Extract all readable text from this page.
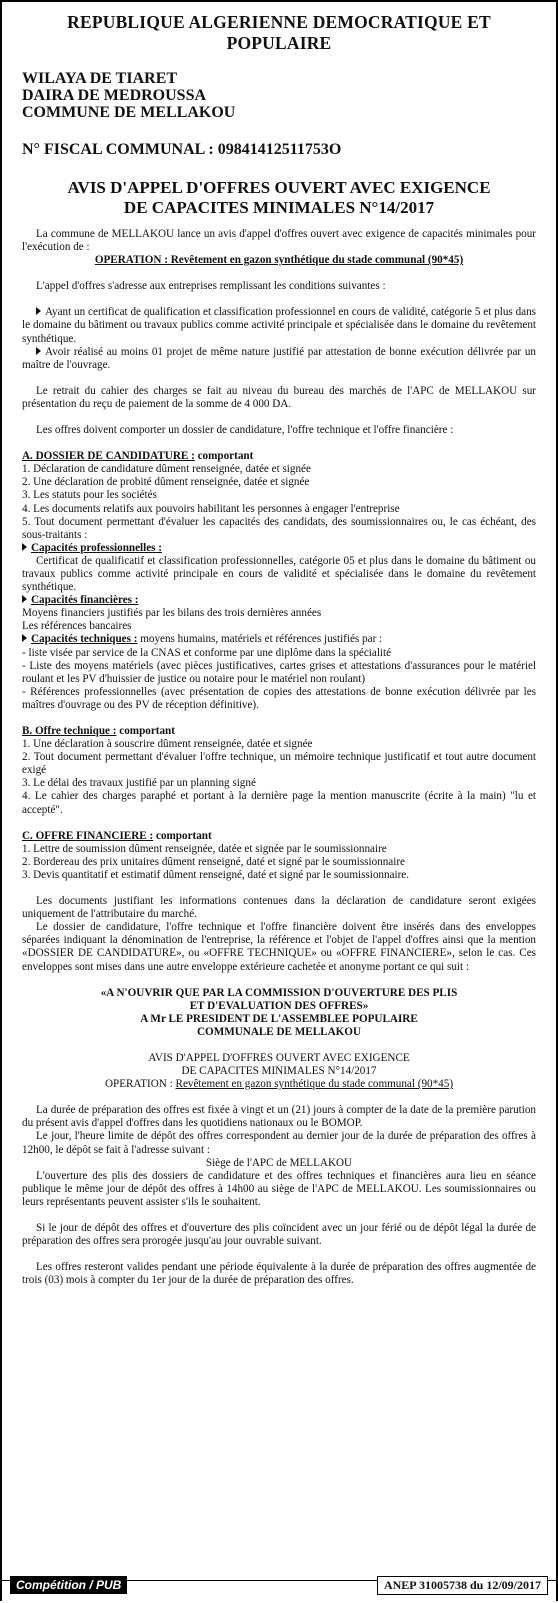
REPUBLIQUE ALGERIENNE DEMOCRATIQUE ET POPULAIRE
WILAYA DE TIARET
DAIRA DE MEDROUSSA
COMMUNE DE MELLAKOU
N° FISCAL COMMUNAL : 09841412511753O
AVIS D'APPEL D'OFFRES OUVERT AVEC EXIGENCE
DE CAPACITES MINIMALES N°14/2017

La commune de MELLAKOU lance un avis d'appel d'offres ouvert avec exigence de capacités minimales pour l'exécution de :

OPERATION : Revêtement en gazon synthétique du stade communal (90*45)

L'appel d'offres s'adresse aux entreprises remplissant les conditions suivantes :

Ayant un certificat de qualification et classification professionnel en cours de validité, catégorie 5 et plus dans le domaine du bâtiment ou travaux publics comme activité principale et spécialisée dans le domaine du revêtement synthétique.

Avoir réalisé au moins 01 projet de même nature justifié par attestation de bonne exécution délivrée par un maître de l'ouvrage.

Le retrait du cahier des charges se fait au niveau du bureau des marchés de l'APC de MELLAKOU sur présentation du reçu de paiement de la somme de 4 000 DA.

Les offres doivent comporter un dossier de candidature, l'offre technique et l'offre financière :

A. DOSSIER DE CANDIDATURE : comportant

1. Déclaration de candidature dûment renseignée, datée et signée

2. Une déclaration de probité dûment renseignée, datée et signée

3. Les statuts pour les sociétés

4. Les documents relatifs aux pouvoirs habilitant les personnes à engager l'entreprise

5. Tout document permettant d'évaluer les capacités des candidats, des soumissionnaires ou, le cas échéant, des sous-traitants :

Capacités professionnelles :

Certificat de qualificatif et classification professionnelles, catégorie 05 et plus dans le domaine du bâtiment ou travaux publics comme activité principale en cours de validité et spécialisée dans le domaine du revêtement synthétique.

Capacités financières :

Moyens financiers justifiés par les bilans des trois dernières années

Les références bancaires

Capacités techniques : moyens humains, matériels et références justifiés par :

- liste visée par service de la CNAS et conforme par une diplôme dans la spécialité

- Liste des moyens matériels (avec pièces justificatives, cartes grises et attestations d'assurances pour le matériel roulant et les PV d'huissier de justice ou notaire pour le matériel non roulant)

- Références professionnelles (avec présentation de copies des attestations de bonne exécution délivrée par les maîtres d'ouvrage ou des PV de réception définitive).

B. Offre technique : comportant

1. Une déclaration à souscrire dûment renseignée, datée et signée

2. Tout document permettant d'évaluer l'offre technique, un mémoire technique justificatif et tout autre document exigé

3. Le délai des travaux justifié par un planning signé

4. Le cahier des charges paraphé et portant à la dernière page la mention manuscrite (écrite à la main) "lu et accepté".

C. OFFRE FINANCIERE : comportant

1. Lettre de soumission dûment renseignée, datée et signée par le soumissionnaire

2. Bordereau des prix unitaires dûment renseigné, daté et signé par le soumissionnaire

3. Devis quantitatif et estimatif dûment renseigné, daté et signé par le soumissionnaire.

Les documents justifiant les informations contenues dans la déclaration de candidature seront exigées uniquement de l'attributaire du marché.

Le dossier de candidature, l'offre technique et l'offre financière doivent être insérés dans des enveloppes séparées indiquant la dénomination de l'entreprise, la référence et l'objet de l'appel d'offres ainsi que la mention «DOSSIER DE CANDIDATURE», ou «OFFRE TECHNIQUE» ou «OFFRE FINANCIERE», selon le cas. Ces enveloppes sont mises dans une autre enveloppe extérieure cachetée et anonyme portant ce qui suit :

«A N'OUVRIR QUE PAR LA COMMISSION D'OUVERTURE DES PLIS

ET D'EVALUATION DES OFFRES»

A Mr LE PRESIDENT DE L'ASSEMBLEE POPULAIRE

COMMUNALE DE MELLAKOU

AVIS D'APPEL D'OFFRES OUVERT AVEC EXIGENCE

DE CAPACITES MINIMALES N°14/2017

OPERATION : Revêtement en gazon synthétique du stade communal (90*45)

La durée de préparation des offres est fixée à vingt et un (21) jours à compter de la date de la première parution du présent avis d'appel d'offres dans les quotidiens nationaux ou le BOMOP.

Le jour, l'heure limite de dépôt des offres correspondent au dernier jour de la durée de préparation des offres à 12h00, le dépôt se fait à l'adresse suivant :

Siège de l'APC de MELLAKOU

L'ouverture des plis des dossiers de candidature et des offres techniques et financières aura lieu en séance publique le même jour de dépôt des offres à 14h00 au siège de l'APC de MELLAKOU. Les soumissionnaires ou leurs représentants peuvent assister s'ils le souhaitent.

Si le jour de dépôt des offres et d'ouverture des plis coïncident avec un jour férié ou de dépôt légal la durée de préparation des offres sera prorogée jusqu'au jour ouvrable suivant.

Les offres resteront valides pendant une période équivalente à la durée de préparation des offres augmentée de trois (03) mois à compter du 1er jour de la durée de préparation des offres.

Compétition / PUB	ANEP 31005738 du 12/09/2017
